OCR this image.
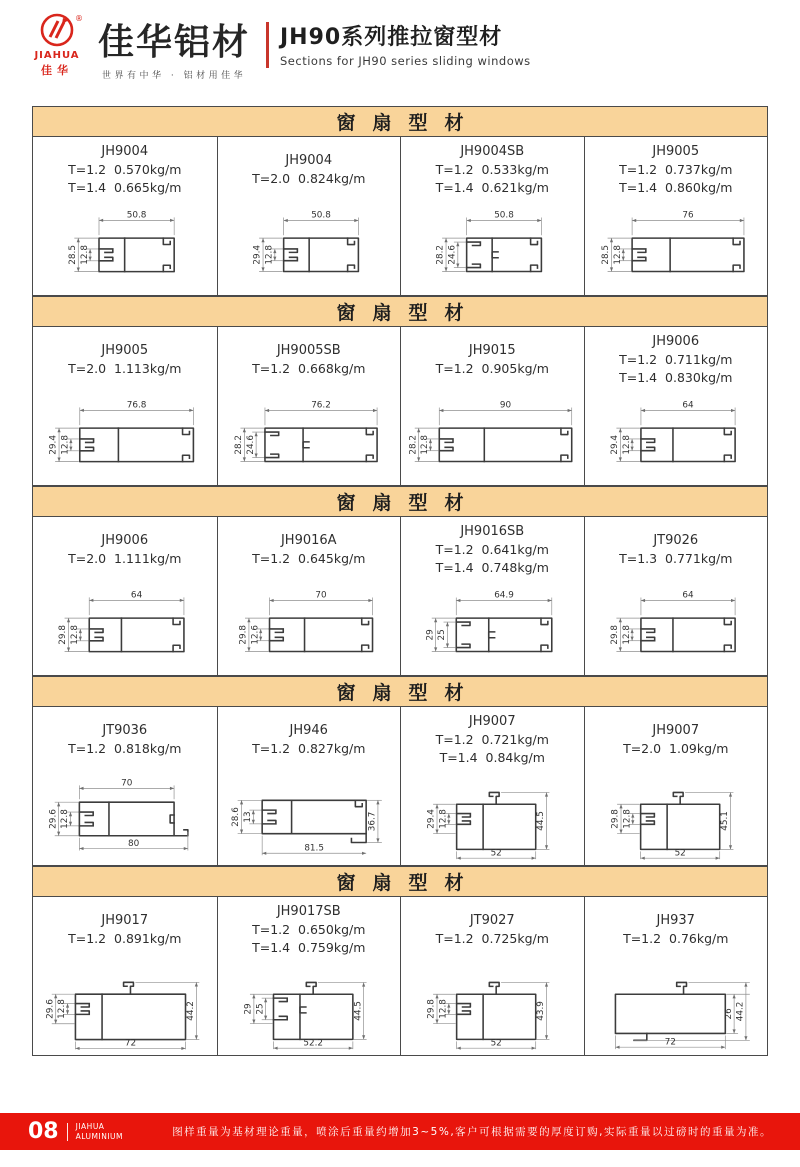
®
JIAHUA
佳华
佳华铝材
世界有中华 · 铝材用佳华
JH90系列推拉窗型材
Sections for JH90 series sliding windows
窗扇型材
JH9004
T=1.2  0.570kg/m
T=1.4  0.665kg/m
50.8
28.5 12.8
JH9004
T=2.0  0.824kg/m
50.8
29.4 12.8
JH9004SB
T=1.2  0.533kg/m
T=1.4  0.621kg/m
50.8
28.2 24.6
JH9005
T=1.2  0.737kg/m
T=1.4  0.860kg/m
76
28.5 12.8
窗扇型材
JH9005
T=2.0  1.113kg/m
76.8
29.4 12.8
JH9005SB
T=1.2  0.668kg/m
76.2
28.2 24.6
JH9015
T=1.2  0.905kg/m
90
28.2 12.8
JH9006
T=1.2  0.711kg/m
T=1.4  0.830kg/m
64
29.4 12.8
窗扇型材
JH9006
T=2.0  1.111kg/m
64
29.8 12.8
JH9016A
T=1.2  0.645kg/m
70
29.8 12.6
JH9016SB
T=1.2  0.641kg/m
T=1.4  0.748kg/m
64.9
29 25
JT9026
T=1.3  0.771kg/m
64
29.8 12.8
窗扇型材
JT9036
T=1.2  0.818kg/m
70
80
29.6 12.8
JH946
T=1.2  0.827kg/m
28.6 13	36.7
81.5
JH9007
T=1.2  0.721kg/m
T=1.4  0.84kg/m
29.4 12.8	44.5
52
JH9007
T=2.0  1.09kg/m
29.8 12.8	45.1
52
窗扇型材
JH9017
T=1.2  0.891kg/m
29.6 12.8	44.2
72
JH9017SB
T=1.2  0.650kg/m
T=1.4  0.759kg/m
29 25	44.5
52.2
JT9027
T=1.2  0.725kg/m
29.8 12.8	43.9
52
JH937
T=1.2  0.76kg/m
26 44.2
72
08 JIAHUA
ALUMINIUM	图样重量为基材理论重量，喷涂后重量约增加3~5%,客户可根据需要的厚度订购,实际重量以过磅时的重量为准。
